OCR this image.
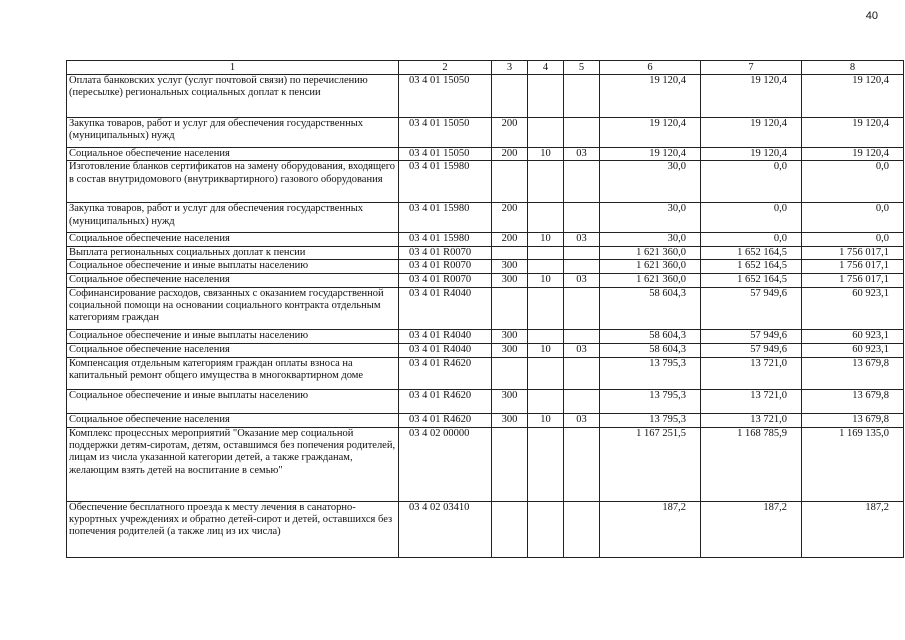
40
1	2	3	4	5	6	7	8
Оплата банковских услуг (услуг почтовой связи) по перечислению (пересылке) региональных социальных доплат к пенсии	03 4 01 15050				19 120,4	19 120,4	19 120,4
Закупка товаров, работ и услуг для обеспечения государственных (муниципальных) нужд	03 4 01 15050	200			19 120,4	19 120,4	19 120,4
Социальное обеспечение населения	03 4 01 15050	200	10	03	19 120,4	19 120,4	19 120,4
Изготовление бланков сертификатов на замену оборудования, входящего в состав внутридомового (внутриквартирного) газового оборудования	03 4 01 15980				30,0	0,0	0,0
Закупка товаров, работ и услуг для обеспечения государственных (муниципальных) нужд	03 4 01 15980	200			30,0	0,0	0,0
Социальное обеспечение населения	03 4 01 15980	200	10	03	30,0	0,0	0,0
Выплата региональных социальных доплат к пенсии	03 4 01 R0070				1 621 360,0	1 652 164,5	1 756 017,1
Социальное обеспечение и иные выплаты населению	03 4 01 R0070	300			1 621 360,0	1 652 164,5	1 756 017,1
Социальное обеспечение населения	03 4 01 R0070	300	10	03	1 621 360,0	1 652 164,5	1 756 017,1
Софинансирование расходов, связанных с оказанием государственной социальной помощи на основании социального контракта отдельным категориям граждан	03 4 01 R4040				58 604,3	57 949,6	60 923,1
Социальное обеспечение и иные выплаты населению	03 4 01 R4040	300			58 604,3	57 949,6	60 923,1
Социальное обеспечение населения	03 4 01 R4040	300	10	03	58 604,3	57 949,6	60 923,1
Компенсация отдельным категориям граждан оплаты взноса на капитальный ремонт общего имущества в многоквартирном доме	03 4 01 R4620				13 795,3	13 721,0	13 679,8
Социальное обеспечение и иные выплаты населению	03 4 01 R4620	300			13 795,3	13 721,0	13 679,8
Социальное обеспечение населения	03 4 01 R4620	300	10	03	13 795,3	13 721,0	13 679,8
Комплекс процессных мероприятий "Оказание мер социальной поддержки детям-сиротам, детям, оставшимся без попечения родителей, лицам из числа указанной категории детей, а также гражданам, желающим взять детей на воспитание в семью"	03 4 02 00000				1 167 251,5	1 168 785,9	1 169 135,0
Обеспечение бесплатного проезда к месту лечения в санаторно-курортных учреждениях и обратно детей-сирот и детей, оставшихся без попечения родителей (а также лиц из их числа)	03 4 02 03410				187,2	187,2	187,2
